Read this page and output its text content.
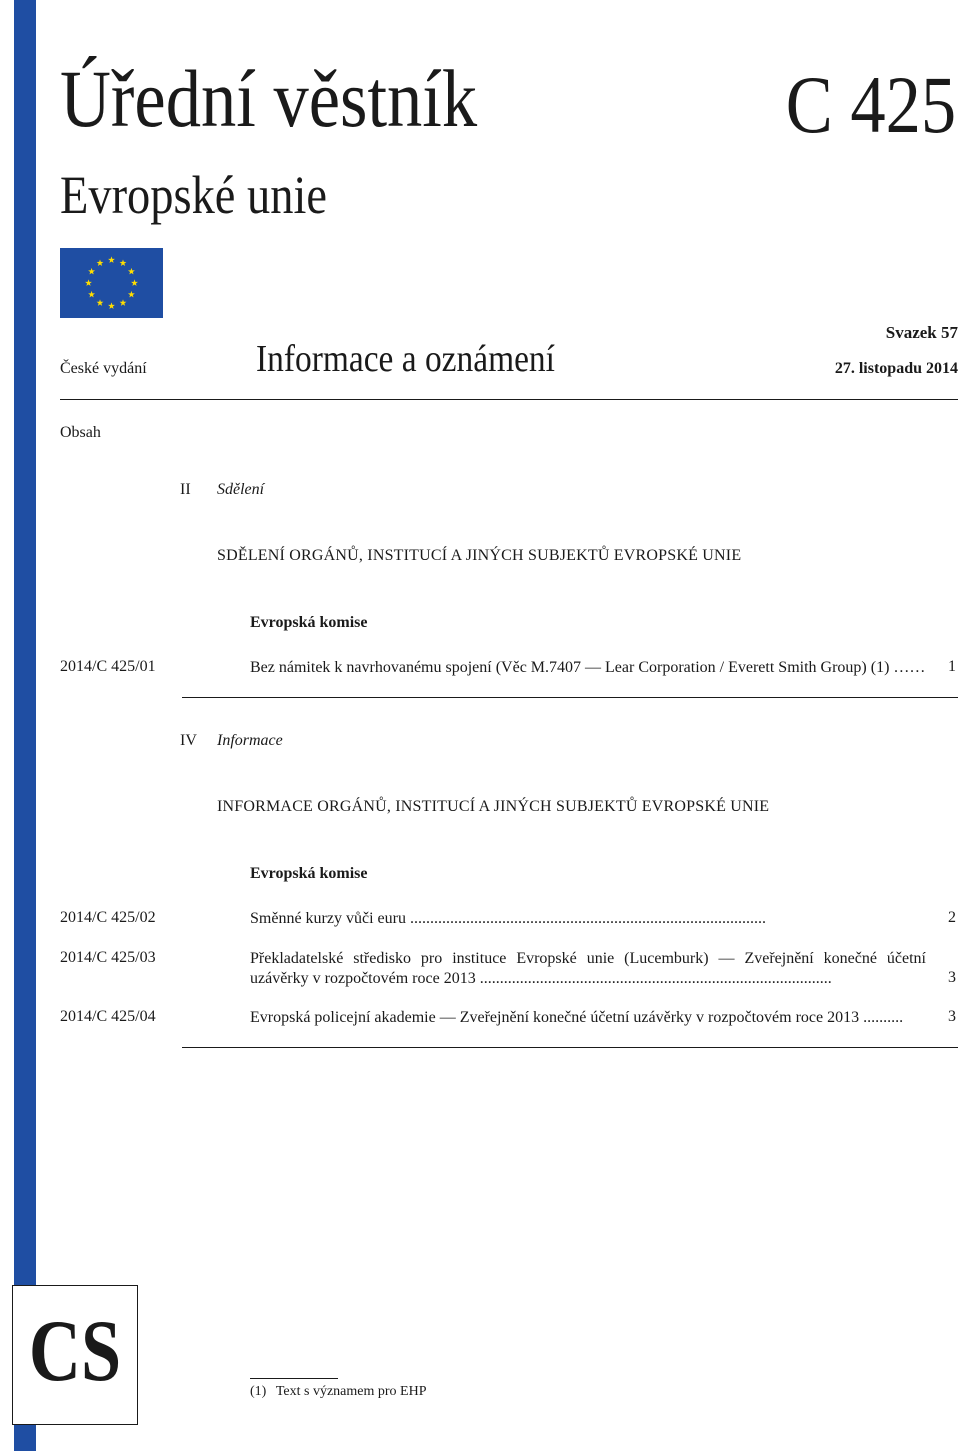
Úřední věstník
Evropské unie
C 425
České vydání	Informace a oznámení
Svazek 57
27. listopadu 2014
Obsah
II Sdělení
SDĚLENÍ ORGÁNŮ, INSTITUCÍ A JINÝCH SUBJEKTŮ EVROPSKÉ UNIE
Evropská komise
2014/C 425/01	Bez námitek k navrhovanému spojení (Věc M.7407 — Lear Corporation / Everett Smith Group) (1) …… 1
IV Informace
INFORMACE ORGÁNŮ, INSTITUCÍ A JINÝCH SUBJEKTŮ EVROPSKÉ UNIE
Evropská komise
2014/C 425/02	Směnné kurzy vůči euru .........................................................................................	2
2014/C 425/03	Překladatelské středisko pro instituce Evropské unie (Lucemburk) — Zveřejnění konečné účetní uzávěrky v rozpočtovém roce 2013 ........................................................................................	3
2014/C 425/04	Evropská policejní akademie — Zveřejnění konečné účetní uzávěrky v rozpočtovém roce 2013 ..........	3
CS	(1) Text s významem pro EHP
